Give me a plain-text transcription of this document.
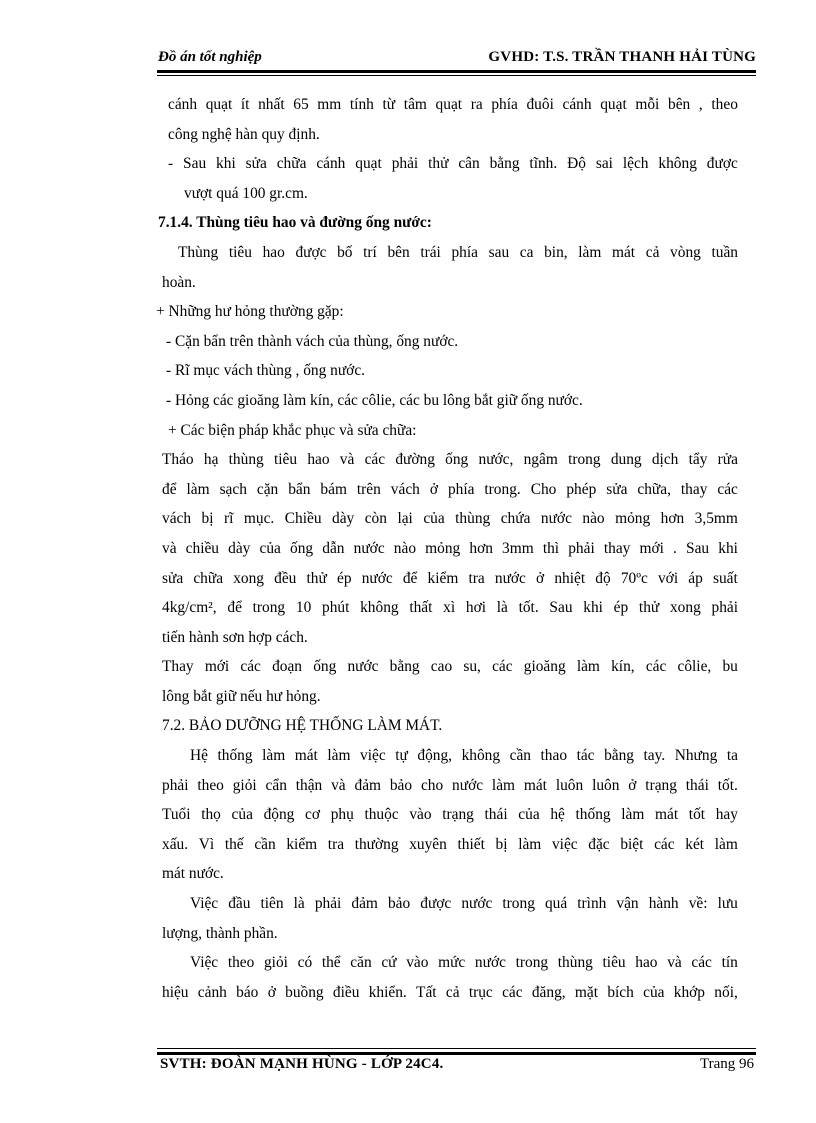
Đồ án tốt nghiệp	GVHD: T.S. TRẦN THANH HẢI TÙNG
cánh quạt ít nhất 65 mm tính từ tâm quạt ra phía đuôi cánh quạt mỗi bên , theo
công nghệ hàn quy định.
- Sau khi sửa chữa cánh quạt phải thử cân bằng tĩnh. Độ sai lệch không được
vượt quá 100 gr.cm.
7.1.4. Thùng tiêu hao và đường ống nước:
Thùng tiêu hao được bố trí bên trái phía sau ca bin, làm mát cả vòng tuần
hoàn.
+ Những hư hỏng thường gặp:
- Cặn bẩn trên thành vách của thùng, ống nước.
- Rĩ mục vách thùng , ống nước.
- Hỏng các gioăng làm kín, các côlie, các bu lông bắt giữ ống nước.
+ Các biện pháp khắc phục và sửa chữa:
Tháo hạ thùng tiêu hao và các đường ống nước, ngâm trong dung dịch tẩy rửa
để làm sạch cặn bẩn bám trên vách ở phía trong. Cho phép sửa chữa, thay các
vách bị rĩ mục. Chiều dày còn lại của thùng chứa nước nào mỏng hơn 3,5mm
và chiều dày của ống dẫn nước nào mỏng hơn 3mm thì phải thay mới . Sau khi
sửa chữa xong đều thử ép nước để kiểm tra nước ở nhiệt độ 70ºc với áp suất
4kg/cm², để trong 10 phút không thất xì hơi là tốt. Sau khi ép thử xong phải
tiến hành sơn hợp cách.
Thay mới các đoạn ống nước bằng cao su, các gioăng làm kín, các côlie, bu
lông bắt giữ nếu hư hỏng.
7.2. BẢO DƯỠNG HỆ THỐNG LÀM MÁT.
Hệ thống làm mát làm việc tự động, không cần thao tác bằng tay. Nhưng ta
phải theo giỏi cẩn thận và đảm bảo cho nước làm mát luôn luôn ở trạng thái tốt.
Tuổi thọ của động cơ phụ thuộc vào trạng thái của hệ thống làm mát tốt hay
xấu. Vì thế cần kiểm tra thường xuyên thiết bị làm việc đặc biệt các két làm
mát nước.
Việc đầu tiên là phải đảm bảo được nước trong quá trình vận hành về: lưu
lượng, thành phần.
Việc theo giỏi có thể căn cứ vào mức nước trong thùng tiêu hao và các tín
hiệu cảnh báo ở buồng điều khiển. Tất cả trục các đăng, mặt bích của khớp nối,
SVTH: ĐOÀN MẠNH HÙNG - LỚP 24C4.	Trang 96
